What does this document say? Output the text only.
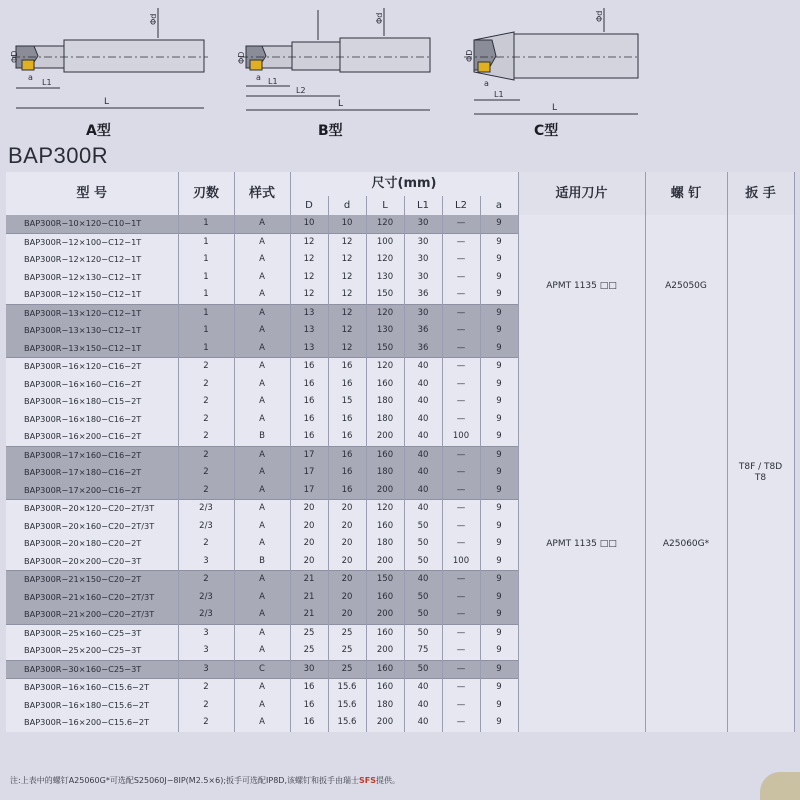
L
L1
ΦD
Φd
a
L
L2
L1
ΦD
Φd
a
L
L1
ΦD
Φd
a
A型	B型	C型
BAP300R
型 号	刃数	样式	尺寸(mm)						适用刀片	螺 钉	扳 手
			D	d	L	L1	L2	a			
BAP300R−10×120−C10−1T	1	A	10	10	120	30	—	9	APMT 1135 □□	A25050G	T8F / T8D
T8
BAP300R−12×100−C12−1T	1	A	12	12	100	30	—	9			
BAP300R−12×120−C12−1T	1	A	12	12	120	30	—	9			
BAP300R−12×130−C12−1T	1	A	12	12	130	30	—	9			
BAP300R−12×150−C12−1T	1	A	12	12	150	36	—	9			
BAP300R−13×120−C12−1T	1	A	13	12	120	30	—	9			
BAP300R−13×130−C12−1T	1	A	13	12	130	36	—	9			
BAP300R−13×150−C12−1T	1	A	13	12	150	36	—	9			
BAP300R−16×120−C16−2T	2	A	16	16	120	40	—	9	APMT 1135 □□	A25060G*	
BAP300R−16×160−C16−2T	2	A	16	16	160	40	—	9			
BAP300R−16×180−C15−2T	2	A	16	15	180	40	—	9			
BAP300R−16×180−C16−2T	2	A	16	16	180	40	—	9			
BAP300R−16×200−C16−2T	2	B	16	16	200	40	100	9			
BAP300R−17×160−C16−2T	2	A	17	16	160	40	—	9			
BAP300R−17×180−C16−2T	2	A	17	16	180	40	—	9			
BAP300R−17×200−C16−2T	2	A	17	16	200	40	—	9			
BAP300R−20×120−C20−2T/3T	2/3	A	20	20	120	40	—	9			
BAP300R−20×160−C20−2T/3T	2/3	A	20	20	160	50	—	9			
BAP300R−20×180−C20−2T	2	A	20	20	180	50	—	9			
BAP300R−20×200−C20−3T	3	B	20	20	200	50	100	9			
BAP300R−21×150−C20−2T	2	A	21	20	150	40	—	9			
BAP300R−21×160−C20−2T/3T	2/3	A	21	20	160	50	—	9			
BAP300R−21×200−C20−2T/3T	2/3	A	21	20	200	50	—	9			
BAP300R−25×160−C25−3T	3	A	25	25	160	50	—	9			
BAP300R−25×200−C25−3T	3	A	25	25	200	75	—	9			
BAP300R−30×160−C25−3T	3	C	30	25	160	50	—	9			
BAP300R−16×160−C15.6−2T	2	A	16	15.6	160	40	—	9			
BAP300R−16×180−C15.6−2T	2	A	16	15.6	180	40	—	9			
BAP300R−16×200−C15.6−2T	2	A	16	15.6	200	40	—	9			
注:上表中的螺钉A25060G*可选配S25060J−8IP(M2.5×6);扳手可选配IP8D,该螺钉和扳手由瑞士SFS提供。
